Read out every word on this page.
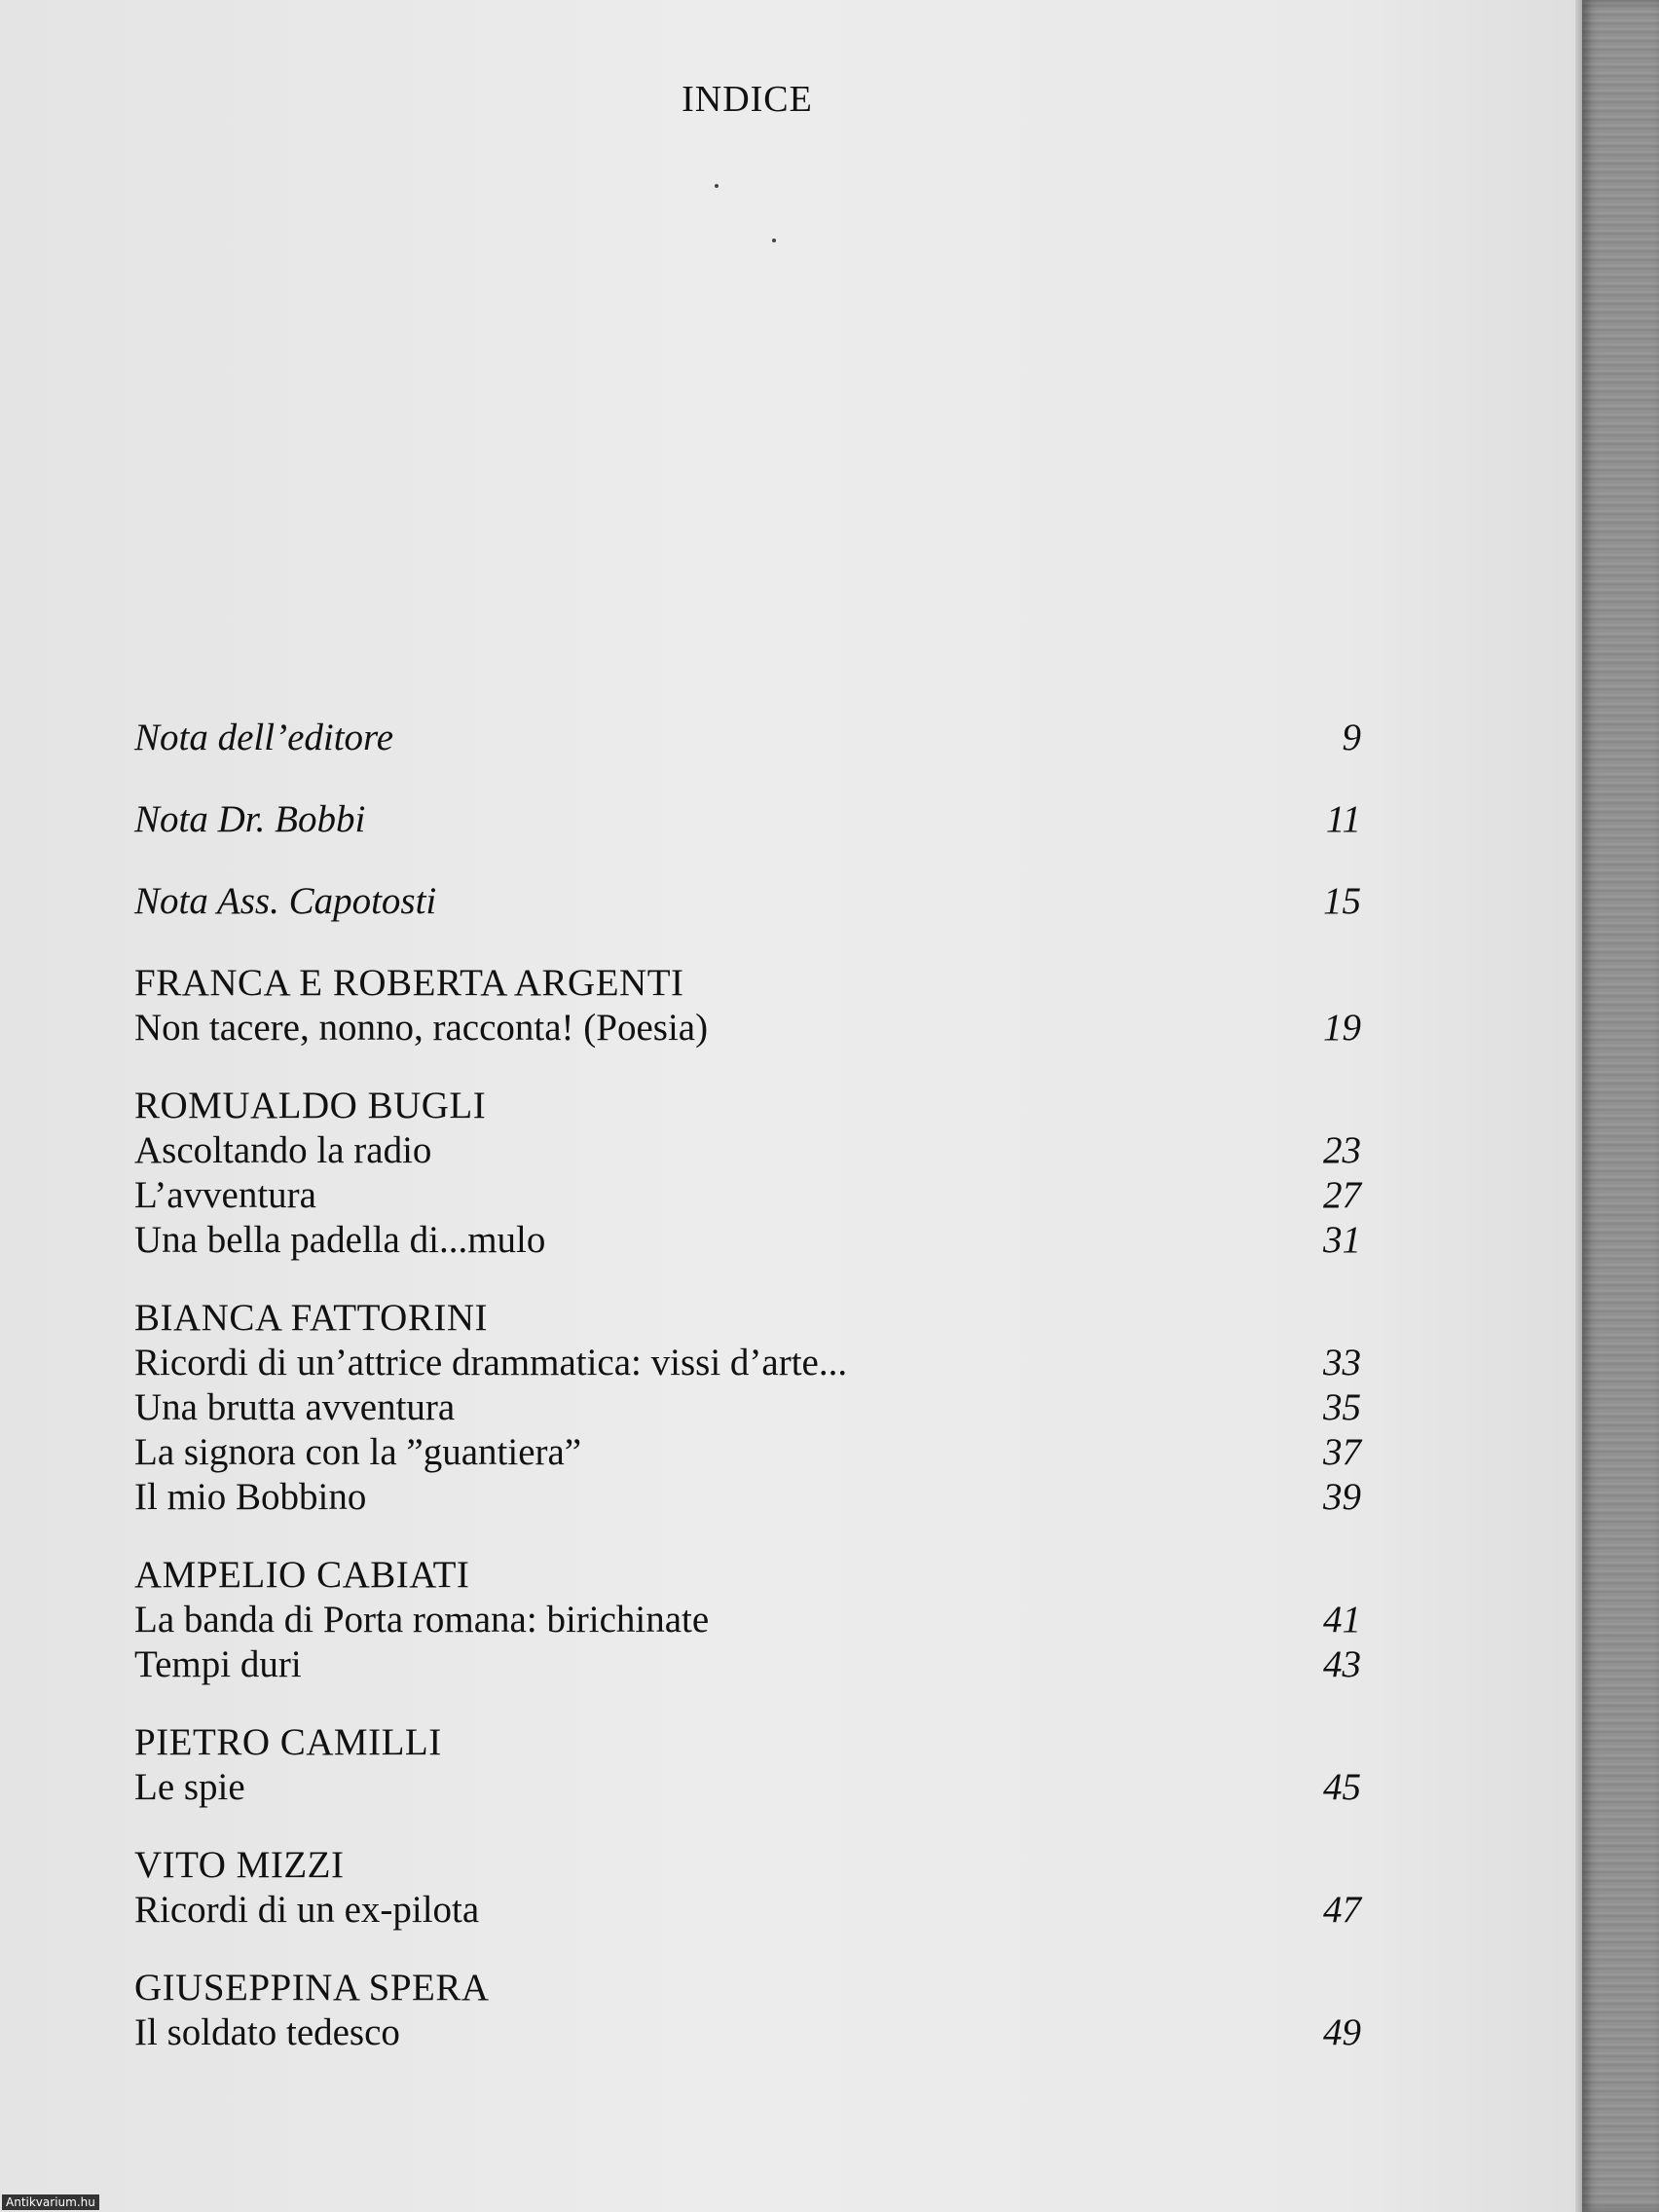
INDICE
Nota dell’editore	9
Nota Dr. Bobbi	11
Nota Ass. Capotosti	15
FRANCA E ROBERTA ARGENTI
Non tacere, nonno, racconta! (Poesia)	19
ROMUALDO BUGLI
Ascoltando la radio	23
L’avventura	27
Una bella padella di...mulo	31
BIANCA FATTORINI
Ricordi di un’attrice drammatica: vissi d’arte...	33
Una brutta avventura	35
La signora con la ”guantiera”	37
Il mio Bobbino	39
AMPELIO CABIATI
La banda di Porta romana: birichinate	41
Tempi duri	43
PIETRO CAMILLI
Le spie	45
VITO MIZZI
Ricordi di un ex-pilota	47
GIUSEPPINA SPERA
Il soldato tedesco	49
Antikvarium.hu
